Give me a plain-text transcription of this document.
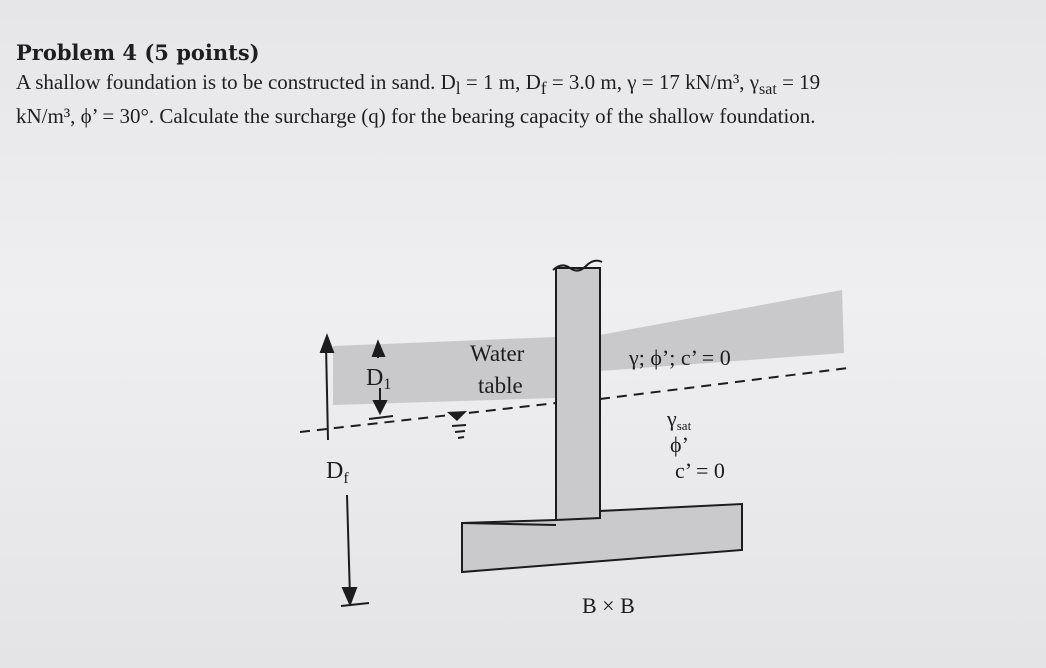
Problem 4 (5 points)

A shallow foundation is to be constructed in sand. $D_l = 1$ m, $D_f = 3.0$ m, γ = 17 kN/m³, $\gamma_{sat} = 19$

kN/m³, ϕ’ = 30°. Calculate the surcharge (q) for the bearing capacity of the shallow foundation.

D1
$D_f$
Water
table
γ; ϕ’; c’ = 0
γsat
ϕ’
c’ = 0
B × B
